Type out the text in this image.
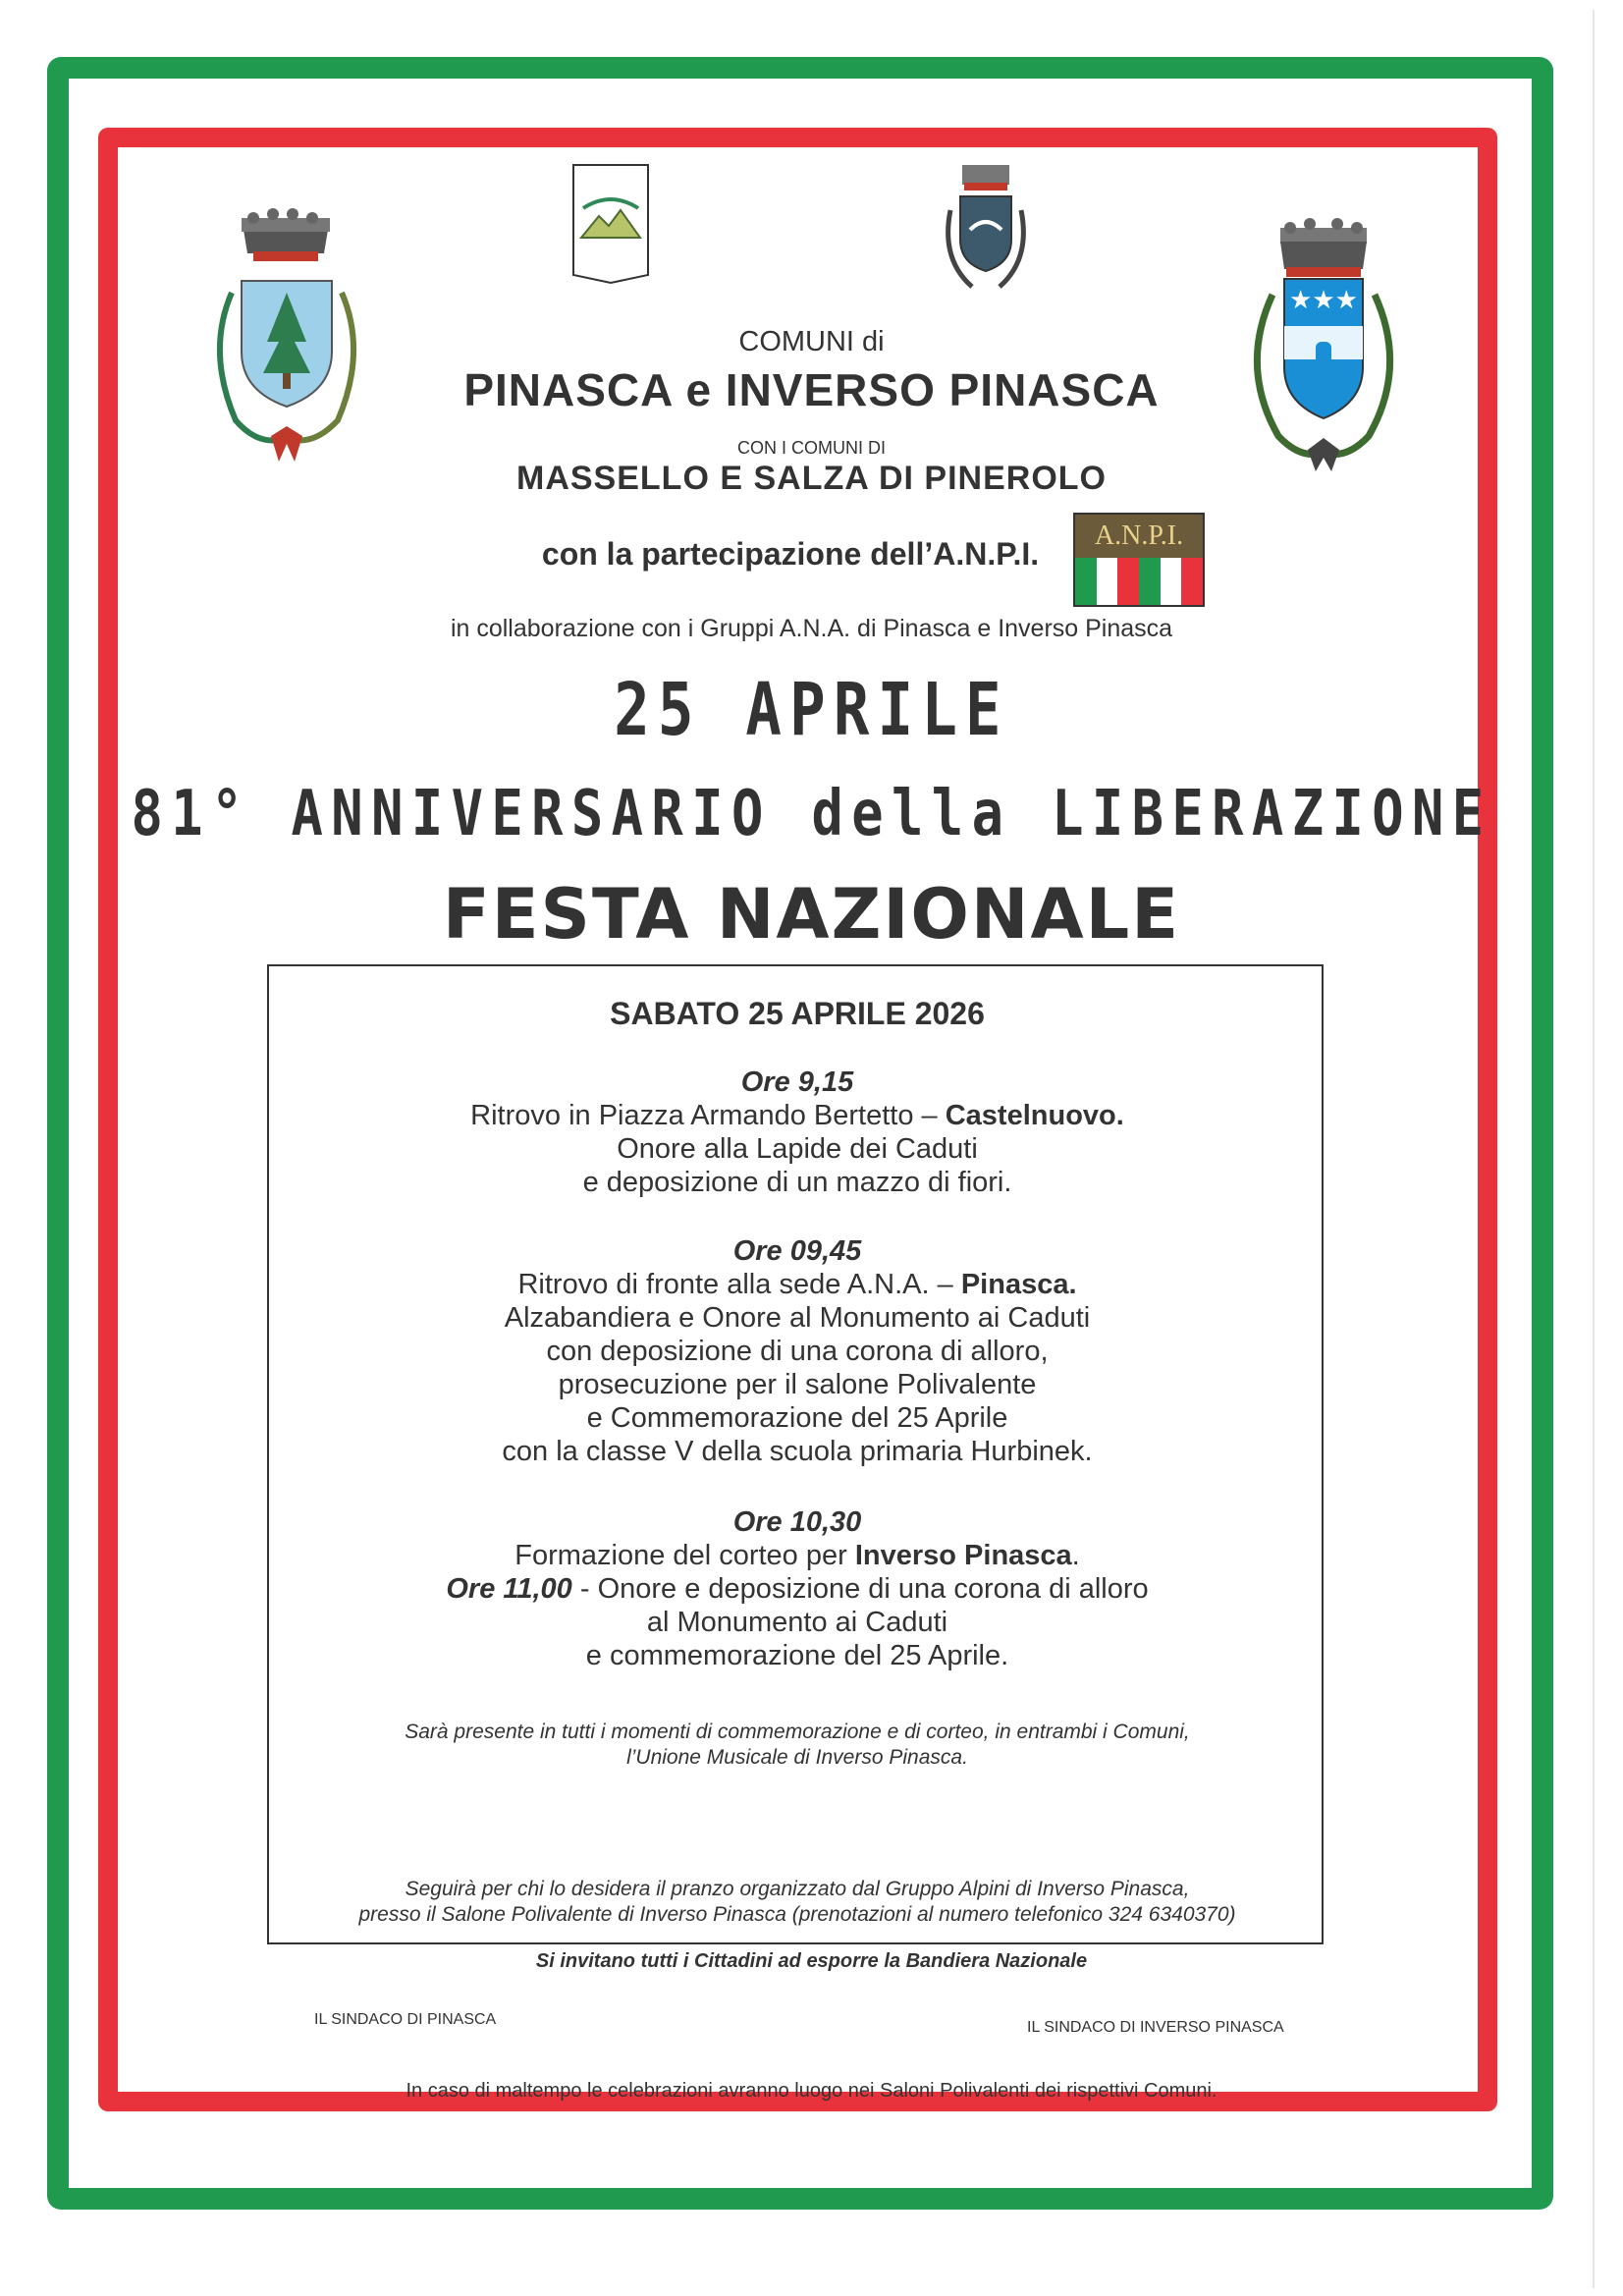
★★★
A.N.P.I.
COMUNI di
PINASCA e INVERSO PINASCA
CON I COMUNI DI
MASSELLO E SALZA DI PINEROLO
con la partecipazione dell’A.N.P.I.
in collaborazione con i Gruppi A.N.A. di Pinasca e Inverso Pinasca
25 APRILE
81° ANNIVERSARIO della LIBERAZIONE
FESTA NAZIONALE
SABATO 25 APRILE 2026
Ore 9,15
Ritrovo in Piazza Armando Bertetto – Castelnuovo.
Onore alla Lapide dei Caduti
e deposizione di un mazzo di fiori.
Ore 09,45
Ritrovo di fronte alla sede A.N.A. – Pinasca.
Alzabandiera e Onore al Monumento ai Caduti
con deposizione di una corona di alloro,
prosecuzione per il salone Polivalente
e Commemorazione del 25 Aprile
con la classe V della scuola primaria Hurbinek.
Ore 10,30
Formazione del corteo per Inverso Pinasca.
Ore 11,00 - Onore e deposizione di una corona di alloro
al Monumento ai Caduti
e commemorazione del 25 Aprile.
Sarà presente in tutti i momenti di commemorazione e di corteo, in entrambi i Comuni,
l’Unione Musicale di Inverso Pinasca.
Seguirà per chi lo desidera il pranzo organizzato dal Gruppo Alpini di Inverso Pinasca,
presso il Salone Polivalente di Inverso Pinasca (prenotazioni al numero telefonico 324 6340370)
Si invitano tutti i Cittadini ad esporre la Bandiera Nazionale
IL SINDACO DI PINASCA	IL SINDACO DI INVERSO PINASCA
In caso di maltempo le celebrazioni avranno luogo nei Saloni Polivalenti dei rispettivi Comuni.
